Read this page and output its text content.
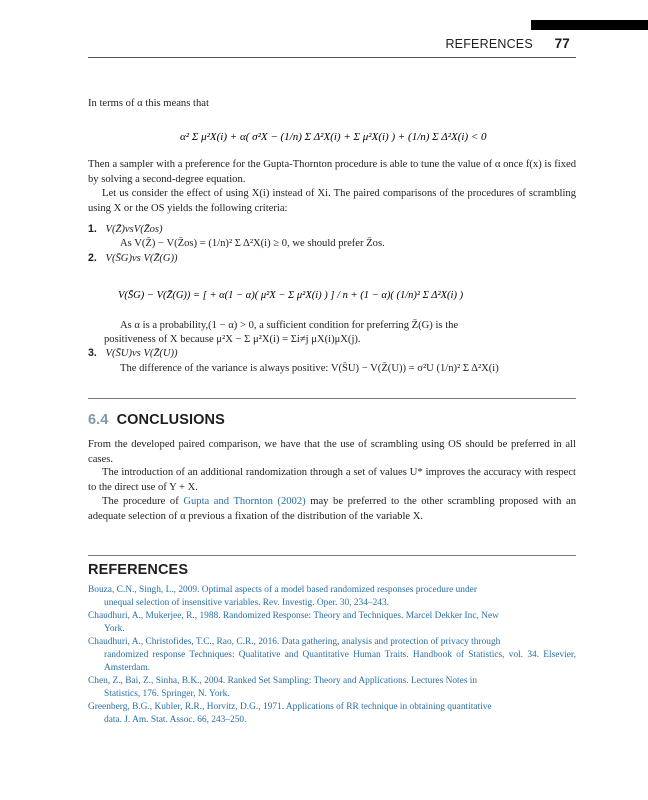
REFERENCES 77
In terms of α this means that
α² Σ μ²X(i) + α( σ²X − (1/n) Σ Δ²X(i) + Σ μ²X(i) ) + (1/n) Σ Δ²X(i) < 0
Then a sampler with a preference for the Gupta-Thornton procedure is able to tune the value of α once f(x) is fixed by solving a second-degree equation.
Let us consider the effect of using X(i) instead of Xi. The paired comparisons of the procedures of scrambling using X or the OS yields the following criteria:
1. V(Z̄)vsV(Z̄os)
As V(Z̄) − V(Z̄os) = (1/n)² Σ Δ²X(i) ≥ 0, we should prefer Z̄os.
2. V(S̄G)vs V(Z̄(G))
V(S̄G) − V(Z̄(G)) = [ + α(1 − α)( μ²X − Σ μ²X(i) ) ] / n + (1 − α)( (1/n)² Σ Δ²X(i) )
As α is a probability,(1 − α) > 0, a sufficient condition for preferring Z̄(G) is the
positiveness of X because μ²X − Σ μ²X(i) = Σi≠j μX(i)μX(j).
3. V(S̄U)vs V(Z̄(U))
The difference of the variance is always positive: V(S̄U) − V(Z̄(U)) = σ²U (1/n)² Σ Δ²X(i)
6.4 CONCLUSIONS
From the developed paired comparison, we have that the use of scrambling using OS should be preferred in all cases.
The introduction of an additional randomization through a set of values U* improves the accuracy with respect to the direct use of Y + X.
The procedure of Gupta and Thornton (2002) may be preferred to the other scrambling proposed with an adequate selection of α previous a fixation of the distribution of the variable X.
REFERENCES
Bouza, C.N., Singh, L., 2009. Optimal aspects of a model based randomized responses procedure under
unequal selection of insensitive variables. Rev. Investig. Oper. 30, 234–243.
Chaudhuri, A., Mukerjee, R., 1988. Randomized Response: Theory and Techniques. Marcel Dekker Inc, New
York.
Chaudhuri, A., Christofides, T.C., Rao, C.R., 2016. Data gathering, analysis and protection of privacy through
randomized response Techniques: Qualitative and Quantitative Human Traits. Handbook of Statistics, vol. 34. Elsevier, Amsterdam.
Chen, Z., Bai, Z., Sinha, B.K., 2004. Ranked Set Sampling: Theory and Applications. Lectures Notes in
Statistics, 176. Springer, N. York.
Greenberg, B.G., Kubler, R.R., Horvitz, D.G., 1971. Applications of RR technique in obtaining quantitative
data. J. Am. Stat. Assoc. 66, 243–250.
